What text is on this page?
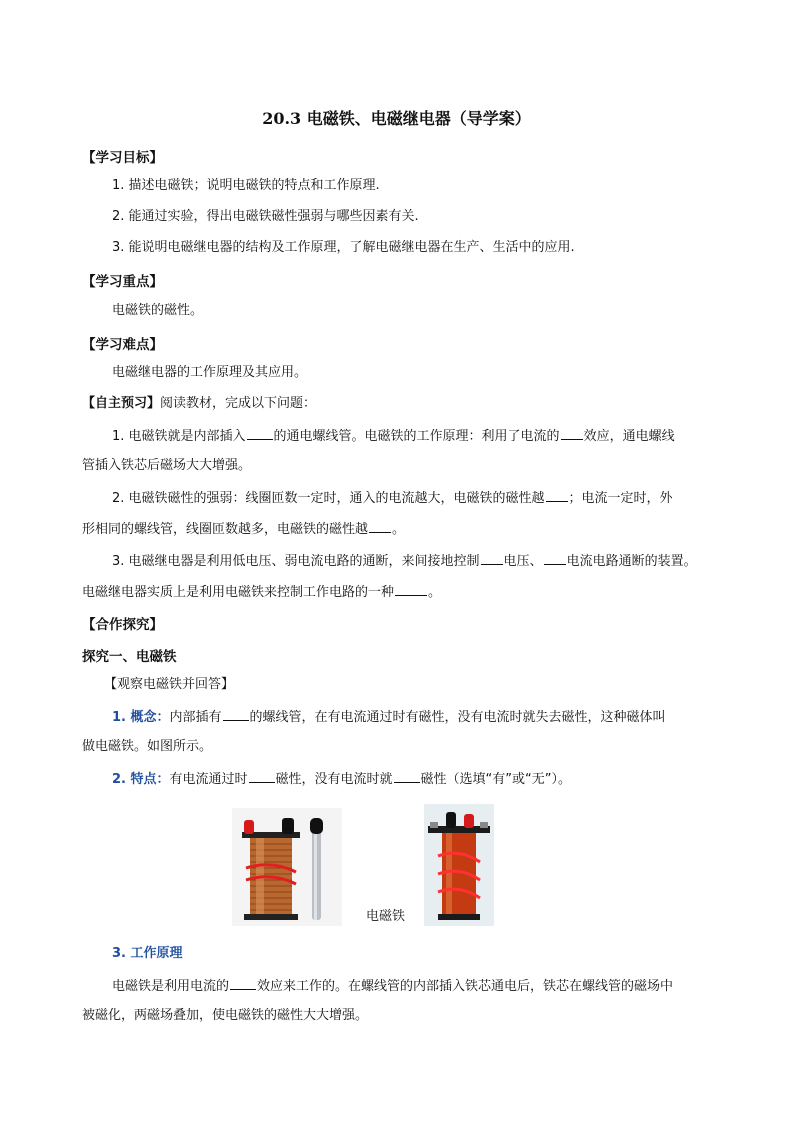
20.3 电磁铁、电磁继电器（导学案）
【学习目标】
1. 描述电磁铁；说明电磁铁的特点和工作原理.
2. 能通过实验，得出电磁铁磁性强弱与哪些因素有关.
3. 能说明电磁继电器的结构及工作原理，了解电磁继电器在生产、生活中的应用.
【学习重点】
电磁铁的磁性。
【学习难点】
电磁继电器的工作原理及其应用。
【自主预习】阅读教材，完成以下问题：
1. 电磁铁就是内部插入 的通电螺线管。电磁铁的工作原理：利用了电流的 效应，通电螺线
管插入铁芯后磁场大大增强。
2. 电磁铁磁性的强弱：线圈匝数一定时，通入的电流越大，电磁铁的磁性越 ；电流一定时，外
形相同的螺线管，线圈匝数越多，电磁铁的磁性越 。
3. 电磁继电器是利用低电压、弱电流电路的通断，来间接地控制 电压、 电流电路通断的装置。
电磁继电器实质上是利用电磁铁来控制工作电路的一种	。
【合作探究】
探究一、电磁铁
【观察电磁铁并回答】
1. 概念：内部插有 的螺线管，在有电流通过时有磁性，没有电流时就失去磁性，这种磁体叫
做电磁铁。如图所示。
2. 特点：有电流通过时 磁性，没有电流时就 磁性（选填“有”或“无”）。
电磁铁
3. 工作原理
电磁铁是利用电流的 效应来工作的。在螺线管的内部插入铁芯通电后，铁芯在螺线管的磁场中
被磁化，两磁场叠加，使电磁铁的磁性大大增强。
